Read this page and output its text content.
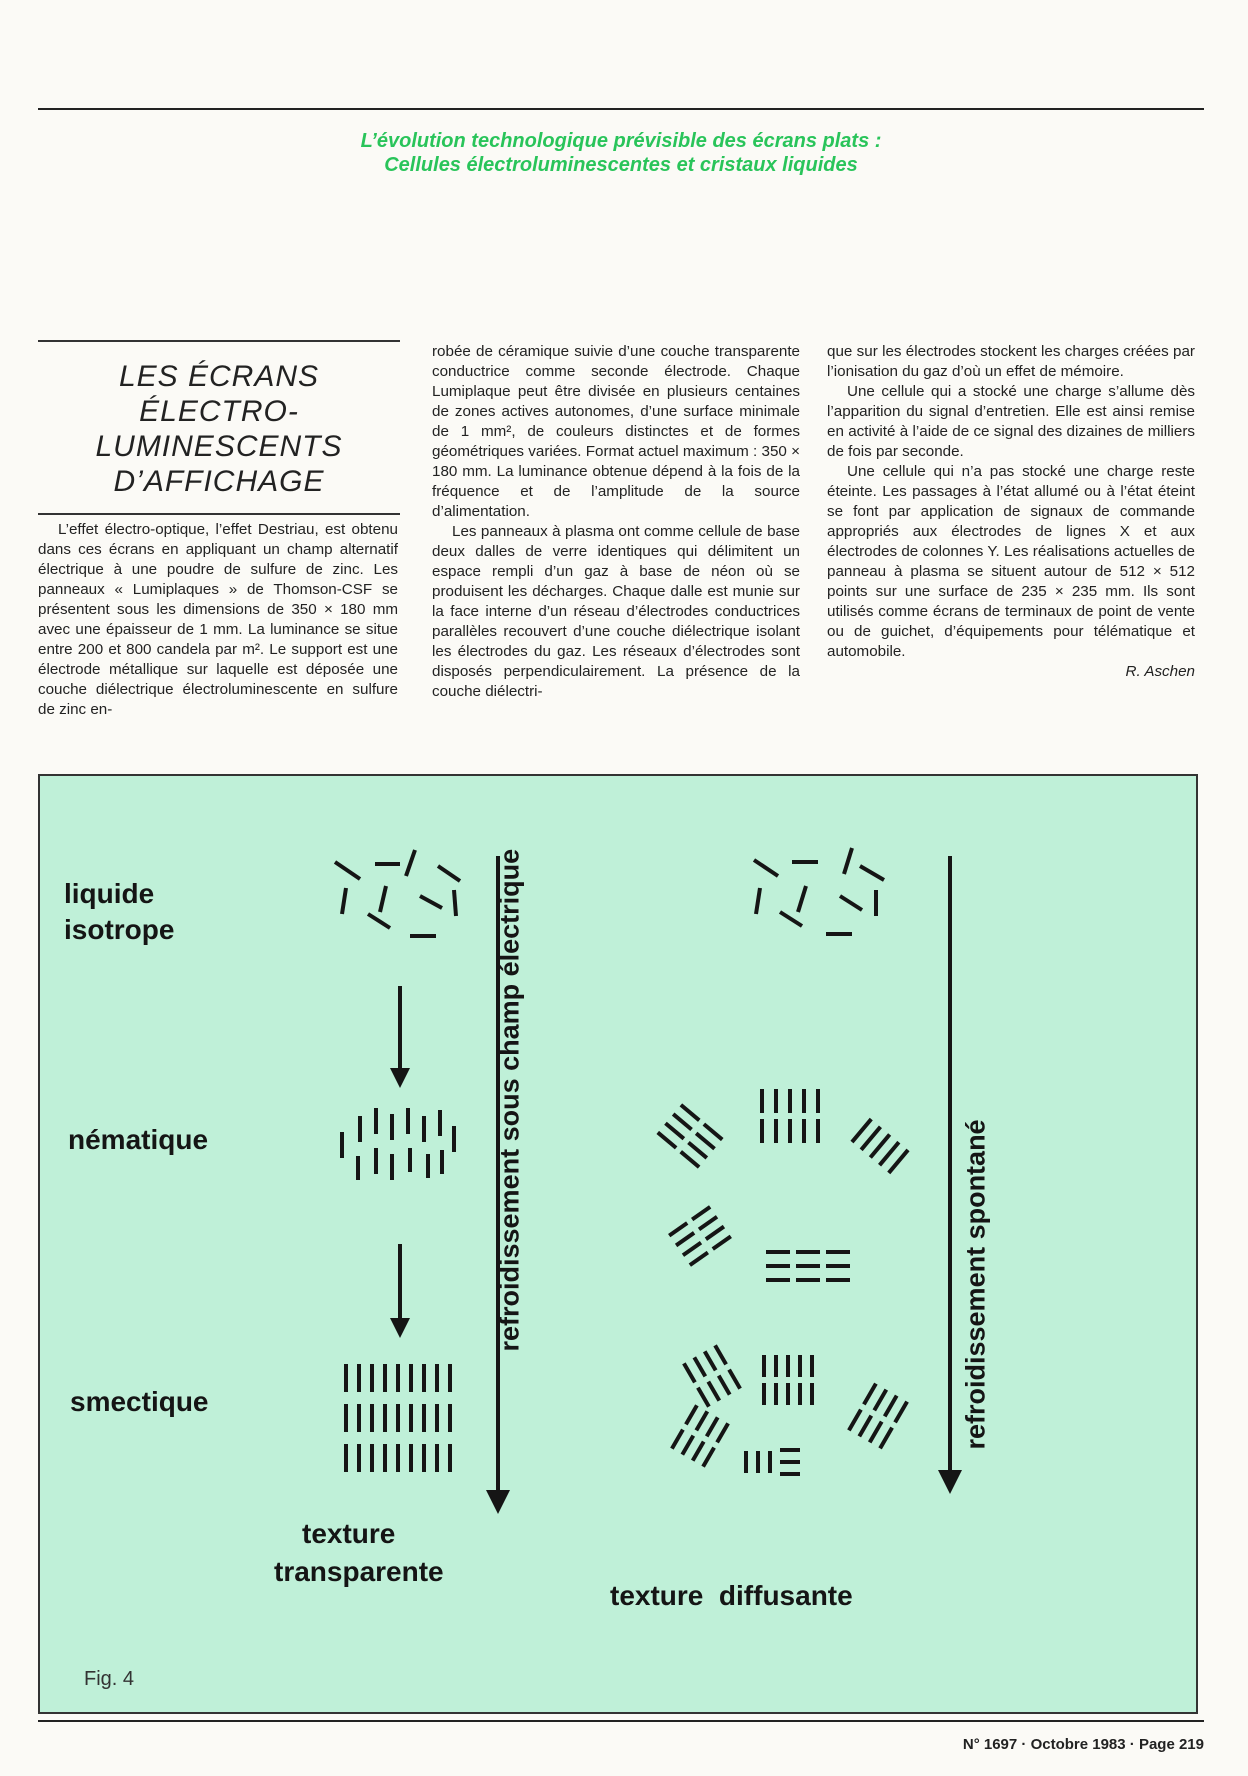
L’évolution technologique prévisible des écrans plats :
Cellules électroluminescentes et cristaux liquides
LES ÉCRANS
ÉLECTRO-
LUMINESCENTS
D’AFFICHAGE

L’effet électro-optique, l’effet Destriau, est obtenu dans ces écrans en appliquant un champ alternatif électrique à une poudre de sulfure de zinc. Les panneaux « Lumiplaques » de Thomson-CSF se présentent sous les dimensions de 350 × 180 mm avec une épaisseur de 1 mm. La luminance se situe entre 200 et 800 candela par m². Le support est une électrode métallique sur laquelle est déposée une couche diélectrique électroluminescente en sulfure de zinc en-

robée de céramique suivie d’une couche transparente conductrice comme seconde électrode. Chaque Lumiplaque peut être divisée en plusieurs centaines de zones actives autonomes, d’une surface minimale de 1 mm², de couleurs distinctes et de formes géométriques variées. Format actuel maximum : 350 × 180 mm. La luminance obtenue dépend à la fois de la fréquence et de l’amplitude de la source d’alimentation.

Les panneaux à plasma ont comme cellule de base deux dalles de verre identiques qui délimitent un espace rempli d’un gaz à base de néon où se produisent les décharges. Chaque dalle est munie sur la face interne d’un réseau d’électrodes conductrices parallèles recouvert d’une couche diélectrique isolant les électrodes du gaz. Les réseaux d’électrodes sont disposés perpendiculairement. La présence de la couche diélectri-

que sur les électrodes stockent les charges créées par l’ionisation du gaz d’où un effet de mémoire.

Une cellule qui a stocké une charge s’allume dès l’apparition du signal d’entretien. Elle est ainsi remise en activité à l’aide de ce signal des dizaines de milliers de fois par seconde.

Une cellule qui n’a pas stocké une charge reste éteinte. Les passages à l’état allumé ou à l’état éteint se font par application de signaux de commande appropriés aux électrodes de lignes X et aux électrodes de colonnes Y. Les réalisations actuelles de panneau à plasma se situent autour de 512 × 512 points sur une surface de 235 × 235 mm. Ils sont utilisés comme écrans de terminaux de point de vente ou de guichet, d’équipements pour télématique et automobile.

R. Aschen

liquide
isotrope
nématique
smectique
texture
transparente
texture  diffusante
refroidissement sous champ électrique	refroidissement spontané
Fig. 4
N° 1697 · Octobre 1983 · Page 219
